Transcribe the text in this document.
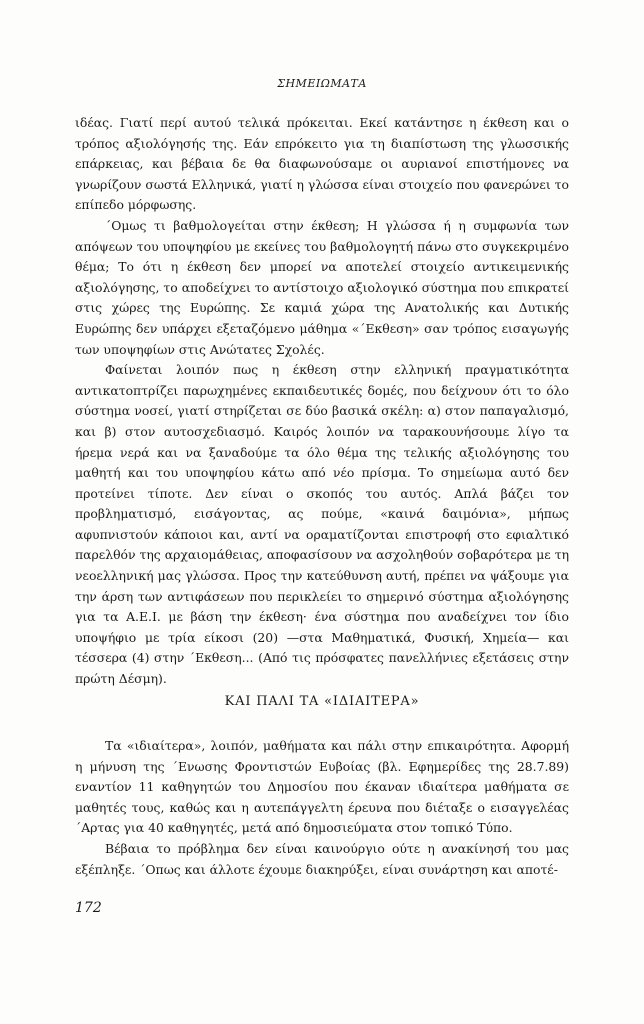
ΣΗΜΕΙΩΜΑΤΑ

ιδέας. Γιατί περί αυτού τελικά πρόκειται. Εκεί κατάντησε η έκθεση και ο τρόπος αξιολόγησής της. Εάν επρόκειτο για τη διαπίστωση της γλωσσικής επάρκειας, και βέβαια δε θα διαφωνούσαμε οι αυριανοί επιστήμονες να γνωρίζουν σωστά Ελληνικά, γιατί η γλώσσα είναι στοιχείο που φανερώνει το επίπεδο μόρφωσης.

΄Ομως τι βαθμολογείται στην έκθεση; Η γλώσσα ή η συμφωνία των απόψεων του υποψηφίου με εκείνες του βαθμολογητή πάνω στο συγκεκριμένο θέμα; Το ότι η έκθεση δεν μπορεί να αποτελεί στοιχείο αντικειμενικής αξιολόγησης, το αποδείχνει το αντίστοιχο αξιολογικό σύστημα που επικρατεί στις χώρες της Ευρώπης. Σε καμιά χώρα της Ανατολικής και Δυτικής Ευρώπης δεν υπάρχει εξεταζόμενο μάθημα «΄Εκθεση» σαν τρόπος εισαγωγής των υποψηφίων στις Ανώτατες Σχολές.

Φαίνεται λοιπόν πως η έκθεση στην ελληνική πραγματικότητα αντικατοπτρίζει παρωχημένες εκπαιδευτικές δομές, που δείχνουν ότι το όλο σύστημα νοσεί, γιατί στηρίζεται σε δύο βασικά σκέλη: α) στον παπαγαλισμό, και β) στον αυτοσχεδιασμό. Καιρός λοιπόν να ταρακουνήσουμε λίγο τα ήρεμα νερά και να ξαναδούμε τα όλο θέμα της τελικής αξιολόγησης του μαθητή και του υποψηφίου κάτω από νέο πρίσμα. Το σημείωμα αυτό δεν προτείνει τίποτε. Δεν είναι ο σκοπός του αυτός. Απλά βάζει τον προβληματισμό, εισάγοντας, ας πούμε, «καινά δαιμόνια», μήπως αφυπνιστούν κάποιοι και, αντί να οραματίζονται επιστροφή στο εφιαλτικό παρελθόν της αρχαιομάθειας, αποφασίσουν να ασχοληθούν σοβαρότερα με τη νεοελληνική μας γλώσσα. Προς την κατεύθυνση αυτή, πρέπει να ψάξουμε για την άρση των αντιφάσεων που περικλείει το σημερινό σύστημα αξιολόγησης για τα Α.Ε.Ι. με βάση την έκθεση· ένα σύστημα που αναδείχνει τον ίδιο υποψήφιο με τρία είκοσι (20) —στα Μαθηματικά, Φυσική, Χημεία— και τέσσερα (4) στην ΄Εκθεση... (Από τις πρόσφατες πανελλήνιες εξετάσεις στην πρώτη Δέσμη).

ΚΑΙ ΠΑΛΙ ΤΑ «ΙΔΙΑΙΤΕΡΑ»

Τα «ιδιαίτερα», λοιπόν, μαθήματα και πάλι στην επικαιρότητα. Αφορμή η μήνυση της ΄Ενωσης Φροντιστών Ευβοίας (βλ. Εφημερίδες της 28.7.89) εναντίον 11 καθηγητών του Δημοσίου που έκαναν ιδιαίτερα μαθήματα σε μαθητές τους, καθώς και η αυτεπάγγελτη έρευνα που διέταξε ο εισαγγελέας ΄Αρτας για 40 καθηγητές, μετά από δημοσιεύματα στον τοπικό Τύπο.

Βέβαια το πρόβλημα δεν είναι καινούργιο ούτε η ανακίνησή του μας εξέπληξε. ΄Οπως και άλλοτε έχουμε διακηρύξει, είναι συνάρτηση και αποτέ-

172
